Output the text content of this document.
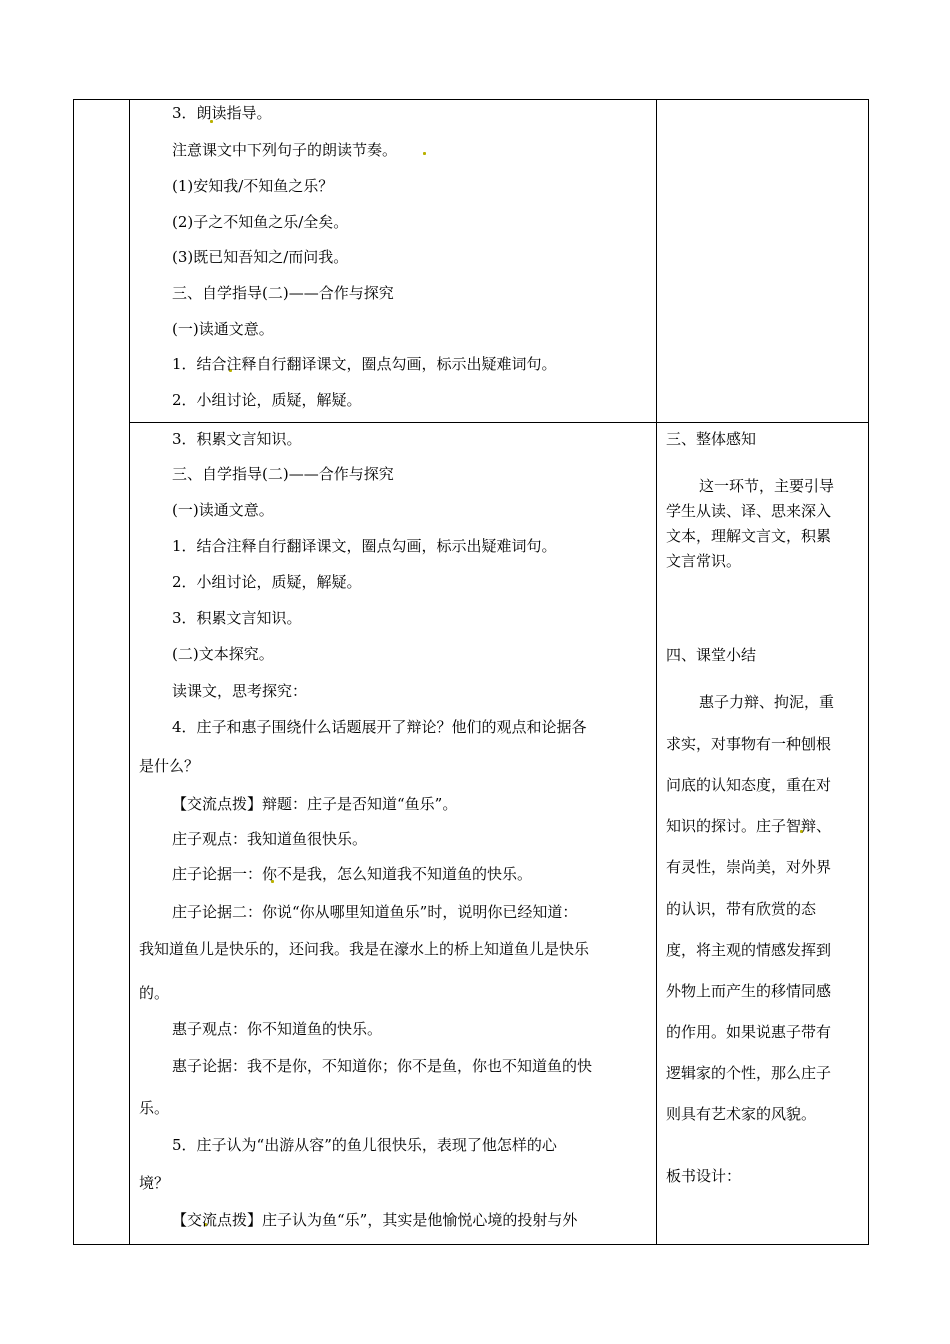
3．朗读指导。
注意课文中下列句子的朗读节奏。
(1)安知我/不知鱼之乐？
(2)子之不知鱼之乐/全矣。
(3)既已知吾知之/而问我。
三、自学指导(二)——合作与探究
(一)读通文意。
1．结合注释自行翻译课文，圈点勾画，标示出疑难词句。
2．小组讨论，质疑，解疑。
3．积累文言知识。
三、自学指导(二)——合作与探究
(一)读通文意。
1．结合注释自行翻译课文，圈点勾画，标示出疑难词句。
2．小组讨论，质疑，解疑。
3．积累文言知识。
(二)文本探究。
读课文，思考探究：
4．庄子和惠子围绕什么话题展开了辩论？他们的观点和论据各
是什么？
【交流点拨】辩题：庄子是否知道“鱼乐”。
庄子观点：我知道鱼很快乐。
庄子论据一：你不是我，怎么知道我不知道鱼的快乐。
庄子论据二：你说“你从哪里知道鱼乐”时，说明你已经知道：
我知道鱼儿是快乐的，还问我。我是在濠水上的桥上知道鱼儿是快乐
的。
惠子观点：你不知道鱼的快乐。
惠子论据：我不是你，不知道你；你不是鱼，你也不知道鱼的快
乐。
5．庄子认为“出游从容”的鱼儿很快乐，表现了他怎样的心
境？
【交流点拨】庄子认为鱼“乐”，其实是他愉悦心境的投射与外
三、整体感知
这一环节，主要引导
学生从读、译、思来深入
文本，理解文言文，积累
文言常识。
四、课堂小结
惠子力辩、拘泥，重
求实，对事物有一种刨根
问底的认知态度，重在对
知识的探讨。庄子智辩、
有灵性，崇尚美，对外界
的认识，带有欣赏的态
度，将主观的情感发挥到
外物上而产生的移情同感
的作用。如果说惠子带有
逻辑家的个性，那么庄子
则具有艺术家的风貌。
板书设计：
